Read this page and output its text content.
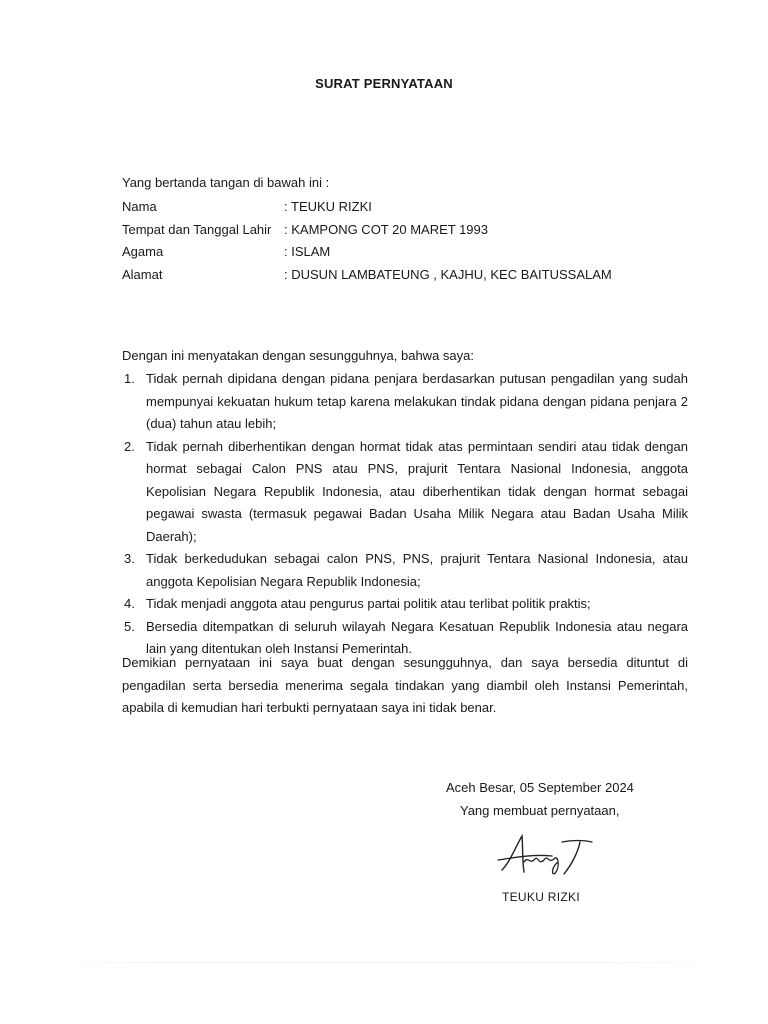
SURAT PERNYATAAN
Yang bertanda tangan di bawah ini :
Nama	: TEUKU RIZKI
Tempat dan Tanggal Lahir : KAMPONG COT 20 MARET 1993
Agama	: ISLAM
Alamat	: DUSUN LAMBATEUNG , KAJHU, KEC BAITUSSALAM
Dengan ini menyatakan dengan sesungguhnya, bahwa saya:
1. Tidak pernah dipidana dengan pidana penjara berdasarkan putusan pengadilan yang sudah mempunyai kekuatan hukum tetap karena melakukan tindak pidana dengan pidana penjara 2 (dua) tahun atau lebih;
2. Tidak pernah diberhentikan dengan hormat tidak atas permintaan sendiri atau tidak dengan hormat sebagai Calon PNS atau PNS, prajurit Tentara Nasional Indonesia, anggota Kepolisian Negara Republik Indonesia, atau diberhentikan tidak dengan hormat sebagai pegawai swasta (termasuk pegawai Badan Usaha Milik Negara atau Badan Usaha Milik Daerah);
3. Tidak berkedudukan sebagai calon PNS, PNS, prajurit Tentara Nasional Indonesia, atau anggota Kepolisian Negara Republik Indonesia;
4. Tidak menjadi anggota atau pengurus partai politik atau terlibat politik praktis;
5. Bersedia ditempatkan di seluruh wilayah Negara Kesatuan Republik Indonesia atau negara lain yang ditentukan oleh Instansi Pemerintah.
Demikian pernyataan ini saya buat dengan sesungguhnya, dan saya bersedia dituntut di pengadilan serta bersedia menerima segala tindakan yang diambil oleh Instansi Pemerintah, apabila di kemudian hari terbukti pernyataan saya ini tidak benar.
Aceh Besar, 05 September 2024
Yang membuat pernyataan,
TEUKU RIZKI
